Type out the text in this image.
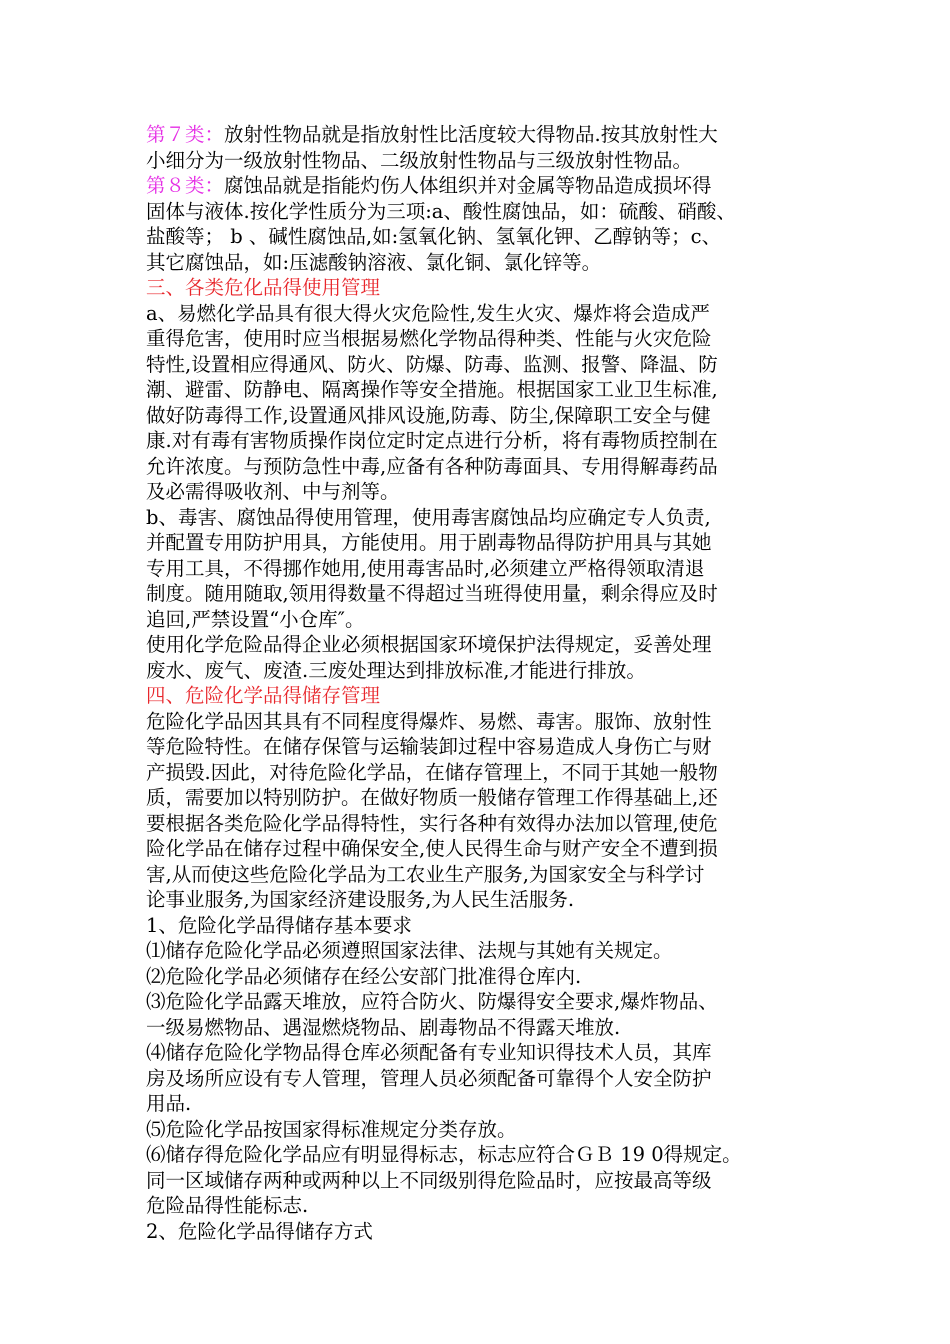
第７类：放射性物品就是指放射性比活度较大得物品.按其放射性大
小细分为一级放射性物品、二级放射性物品与三级放射性物品。
第８类：腐蚀品就是指能灼伤人体组织并对金属等物品造成损坏得
固体与液体.按化学性质分为三项:a、酸性腐蚀品，如：硫酸、硝酸、
盐酸等； b 、碱性腐蚀品,如:氢氧化钠、氢氧化钾、乙醇钠等；c、
其它腐蚀品，如:压滤酸钠溶液、氯化铜、氯化锌等。
三、各类危化品得使用管理
a、易燃化学品具有很大得火灾危险性,发生火灾、爆炸将会造成严
重得危害，使用时应当根据易燃化学物品得种类、性能与火灾危险
特性,设置相应得通风、防火、防爆、防毒、监测、报警、降温、防
潮、避雷、防静电、隔离操作等安全措施。根据国家工业卫生标准,
做好防毒得工作,设置通风排风设施,防毒、防尘,保障职工安全与健
康.对有毒有害物质操作岗位定时定点进行分析，将有毒物质控制在
允许浓度。与预防急性中毒,应备有各种防毒面具、专用得解毒药品
及必需得吸收剂、中与剂等。
b、毒害、腐蚀品得使用管理，使用毒害腐蚀品均应确定专人负责,
并配置专用防护用具，方能使用。用于剧毒物品得防护用具与其她
专用工具，不得挪作她用,使用毒害品时,必须建立严格得领取清退
制度。随用随取,领用得数量不得超过当班得使用量，剩余得应及时
追回,严禁设置“小仓库″。
使用化学危险品得企业必须根据国家环境保护法得规定，妥善处理
废水、废气、废渣.三废处理达到排放标准,才能进行排放。
四、危险化学品得储存管理
危险化学品因其具有不同程度得爆炸、易燃、毒害。服饰、放射性
等危险特性。在储存保管与运输装卸过程中容易造成人身伤亡与财
产损毁.因此，对待危险化学品，在储存管理上，不同于其她一般物
质，需要加以特别防护。在做好物质一般储存管理工作得基础上,还
要根据各类危险化学品得特性，实行各种有效得办法加以管理,使危
险化学品在储存过程中确保安全,使人民得生命与财产安全不遭到损
害,从而使这些危险化学品为工农业生产服务,为国家安全与科学讨
论事业服务,为国家经济建设服务,为人民生活服务.
1、危险化学品得储存基本要求
⑴储存危险化学品必须遵照国家法律、法规与其她有关规定。
⑵危险化学品必须储存在经公安部门批准得仓库内.
⑶危险化学品露天堆放，应符合防火、防爆得安全要求,爆炸物品、
一级易燃物品、遇湿燃烧物品、剧毒物品不得露天堆放.
⑷储存危险化学物品得仓库必须配备有专业知识得技术人员，其库
房及场所应设有专人管理，管理人员必须配备可靠得个人安全防护
用品.
⑸危险化学品按国家得标准规定分类存放。
⑹储存得危险化学品应有明显得标志，标志应符合ＧＢ 19 0得规定。
同一区域储存两种或两种以上不同级别得危险品时，应按最高等级
危险品得性能标志.
2、危险化学品得储存方式
